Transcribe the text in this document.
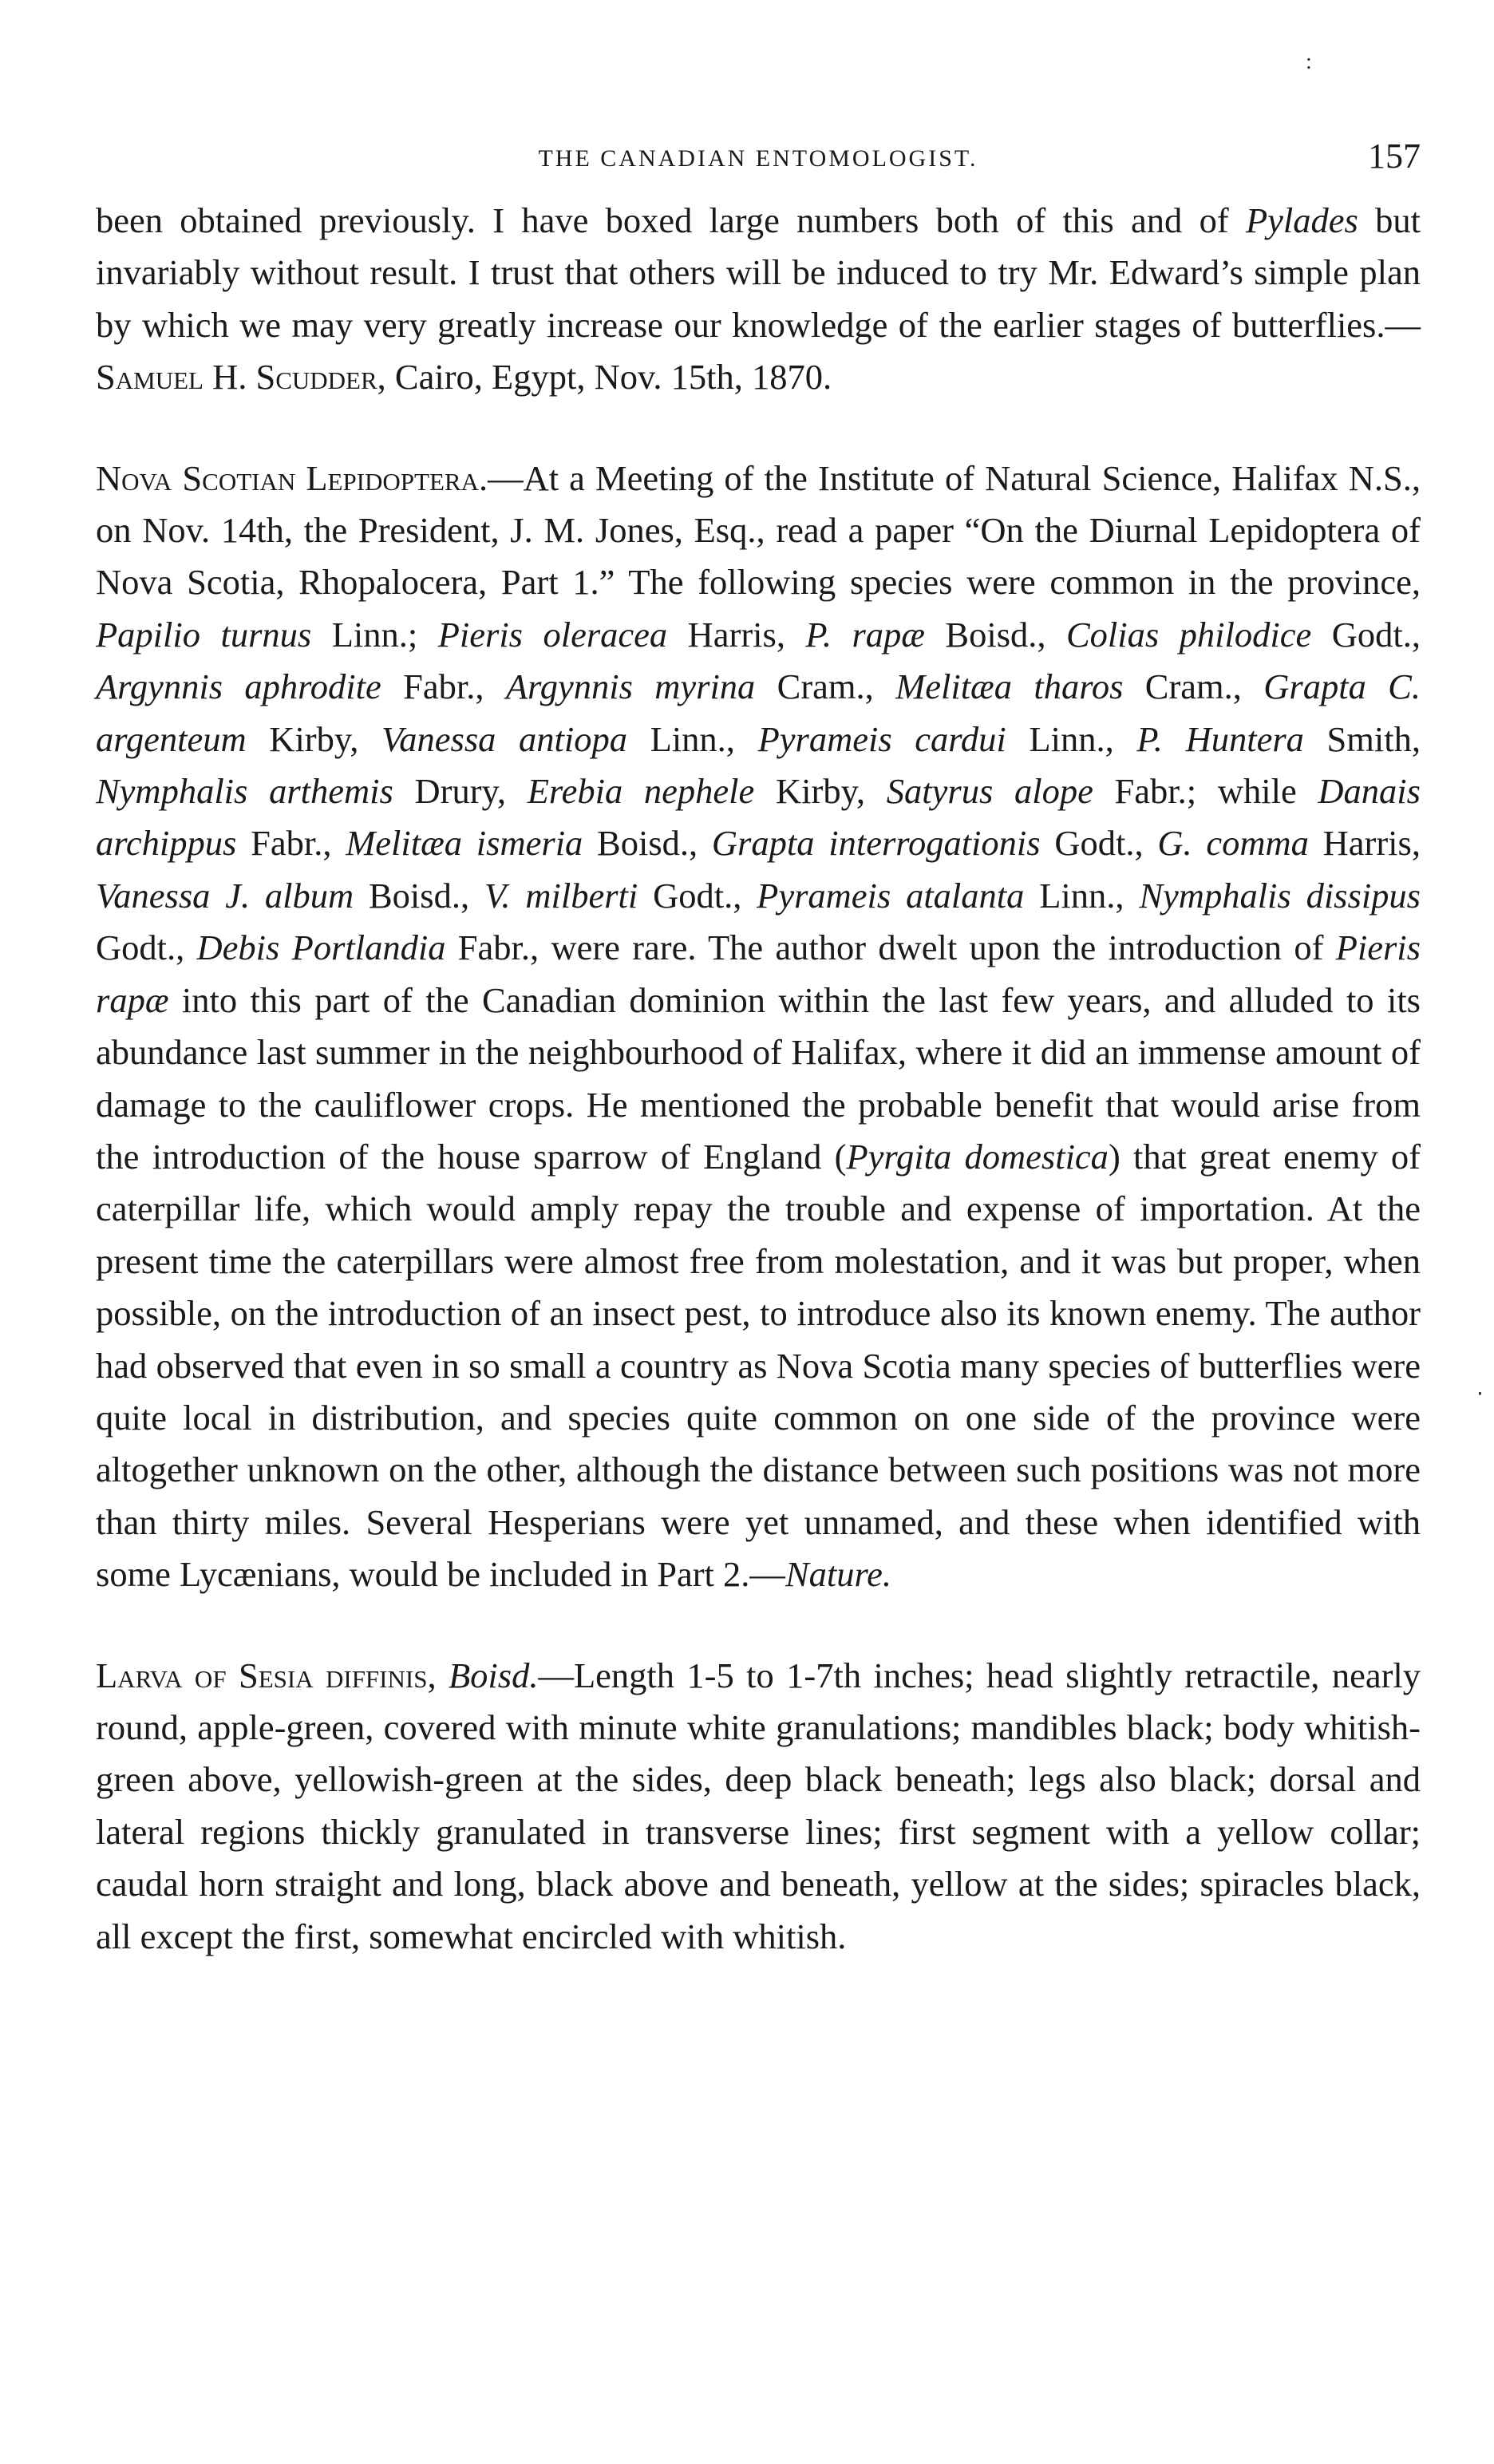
:
‧
THE CANADIAN ENTOMOLOGIST.	157

been obtained previously. I have boxed large numbers both of this and of Pylades but invariably without result. I trust that others will be induced to try Mr. Edward’s simple plan by which we may very greatly increase our knowledge of the earlier stages of butterflies.—Samuel H. Scudder, Cairo, Egypt, Nov. 15th, 1870.

Nova Scotian Lepidoptera.—At a Meeting of the Institute of Natural Science, Halifax N.S., on Nov. 14th, the President, J. M. Jones, Esq., read a paper “On the Diurnal Lepidoptera of Nova Scotia, Rhopalocera, Part 1.” The following species were common in the province, Papilio turnus Linn.; Pieris oleracea Harris, P. rapæ Boisd., Colias philodice Godt., Argynnis aphrodite Fabr., Argynnis myrina Cram., Melitæa tharos Cram., Grapta C. argenteum Kirby, Vanessa antiopa Linn., Pyrameis cardui Linn., P. Huntera Smith, Nymphalis arthemis Drury, Erebia nephele Kirby, Satyrus alope Fabr.; while Danais archippus Fabr., Melitæa ismeria Boisd., Grapta interrogationis Godt., G. comma Harris, Vanessa J. album Boisd., V. milberti Godt., Pyrameis atalanta Linn., Nymphalis dissipus Godt., Debis Portlandia Fabr., were rare. The author dwelt upon the introduction of Pieris rapæ into this part of the Canadian dominion within the last few years, and alluded to its abundance last summer in the neighbourhood of Halifax, where it did an immense amount of damage to the cauliflower crops. He mentioned the probable benefit that would arise from the introduction of the house sparrow of England (Pyrgita domestica) that great enemy of caterpillar life, which would amply repay the trouble and expense of importation. At the present time the caterpillars were almost free from molestation, and it was but proper, when possible, on the introduction of an insect pest, to introduce also its known enemy. The author had observed that even in so small a country as Nova Scotia many species of butterflies were quite local in distribution, and species quite common on one side of the province were altogether unknown on the other, although the distance between such positions was not more than thirty miles. Several Hesperians were yet unnamed, and these when identified with some Lycænians, would be included in Part 2.—Nature.

Larva of Sesia diffinis, Boisd.—Length 1-5 to 1-7th inches; head slightly retractile, nearly round, apple-green, covered with minute white granulations; mandibles black; body whitish-green above, yellowish-green at the sides, deep black beneath; legs also black; dorsal and lateral regions thickly granulated in transverse lines; first segment with a yellow collar; caudal horn straight and long, black above and beneath, yellow at the sides; spiracles black, all except the first, somewhat encircled with whitish.
